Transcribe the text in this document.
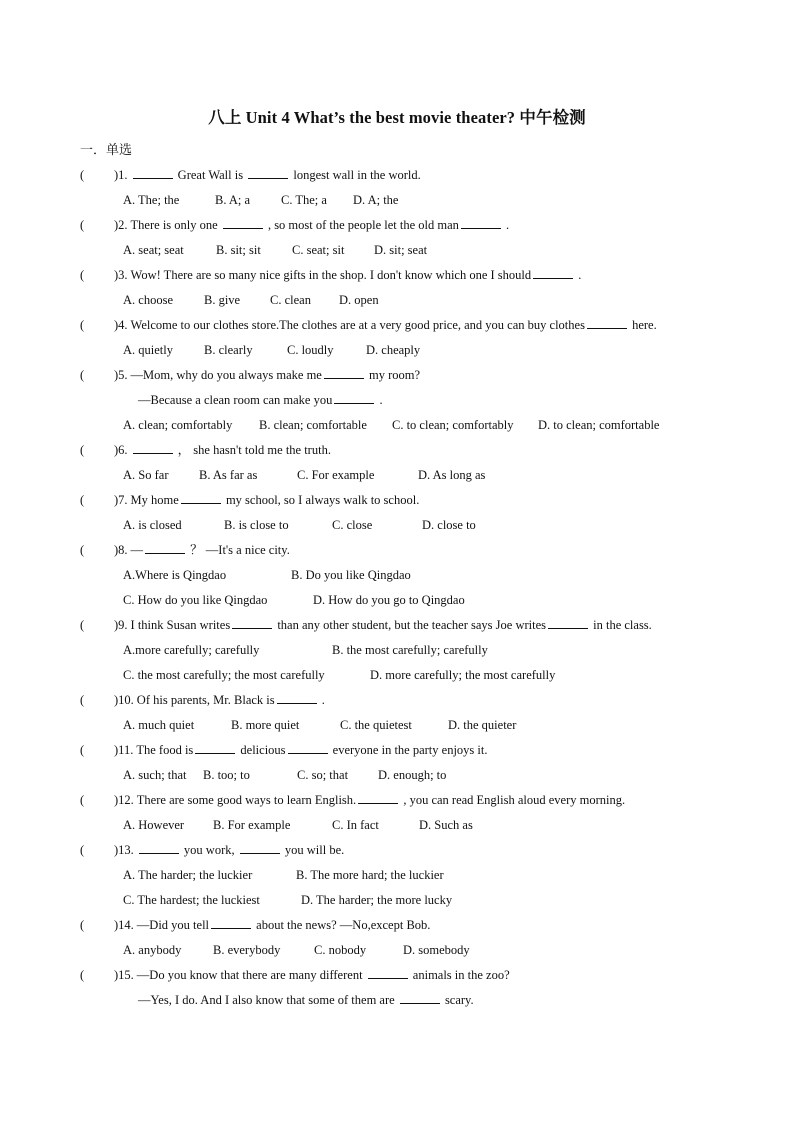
八上 Unit 4 What’s the best movie theater? 中午检测
一．单选
(	) 1.	Great Wall is	longest wall in the world.
A. The; the	B. A; a C. The; a D. A; the
(	) 2. There is only one	, so most of the people let the old man	.
A. seat; seat	B. sit; sit C. seat; sit D. sit; seat
(	) 3. Wow! There are so many nice gifts in the shop. I don't know which one I should	.
A. choose B. give C. clean D. open
(	) 4. Welcome to our clothes store.The clothes are at a very good price, and you can buy clothes	here.
A. quietly B. clearly	C. loudly	D. cheaply
(	) 5. —Mom, why do you always make me	my room?
—Because a clean room can make you	.
A. clean; comfortably B. clean; comfortable C. to clean; comfortably D. to clean; comfortable
(	) 6.	， she hasn't told me the truth.
A. So far B. As far as	C. For example	D. As long as
(	) 7. My home	my school, so I always walk to school.
A. is closed	B. is close to	C. close	D. close to
(	) 8. —	？ —It's a nice city.
A.Where is Qingdao	B. Do you like Qingdao
C. How do you like Qingdao	D. How do you go to Qingdao
(	) 9. I think Susan writes	than any other student, but the teacher says Joe writes	in the class.
A.more carefully; carefully	B. the most carefully; carefully
C. the most carefully; the most carefully	D. more carefully; the most carefully
(	) 10. Of his parents, Mr. Black is	.
A. much quiet	B. more quiet	C. the quietest	D. the quieter
(	) 11. The food is	delicious	everyone in the party enjoys it.
A. such; that B. too; to	C. so; that D. enough; to
(	) 12. There are some good ways to learn English.	, you can read English aloud every morning.
A. However B. For example	C. In fact	D. Such as
(	) 13.	you work,	you will be.
A. The harder; the luckier	B. The more hard; the luckier
C. The hardest; the luckiest	D. The harder; the more lucky
(	) 14. —Did you tell	about the news? —No,except Bob.
A. anybody	B. everybody	C. nobody	D. somebody
(	) 15. —Do you know that there are many different	animals in the zoo?
—Yes, I do. And I also know that some of them are	scary.
